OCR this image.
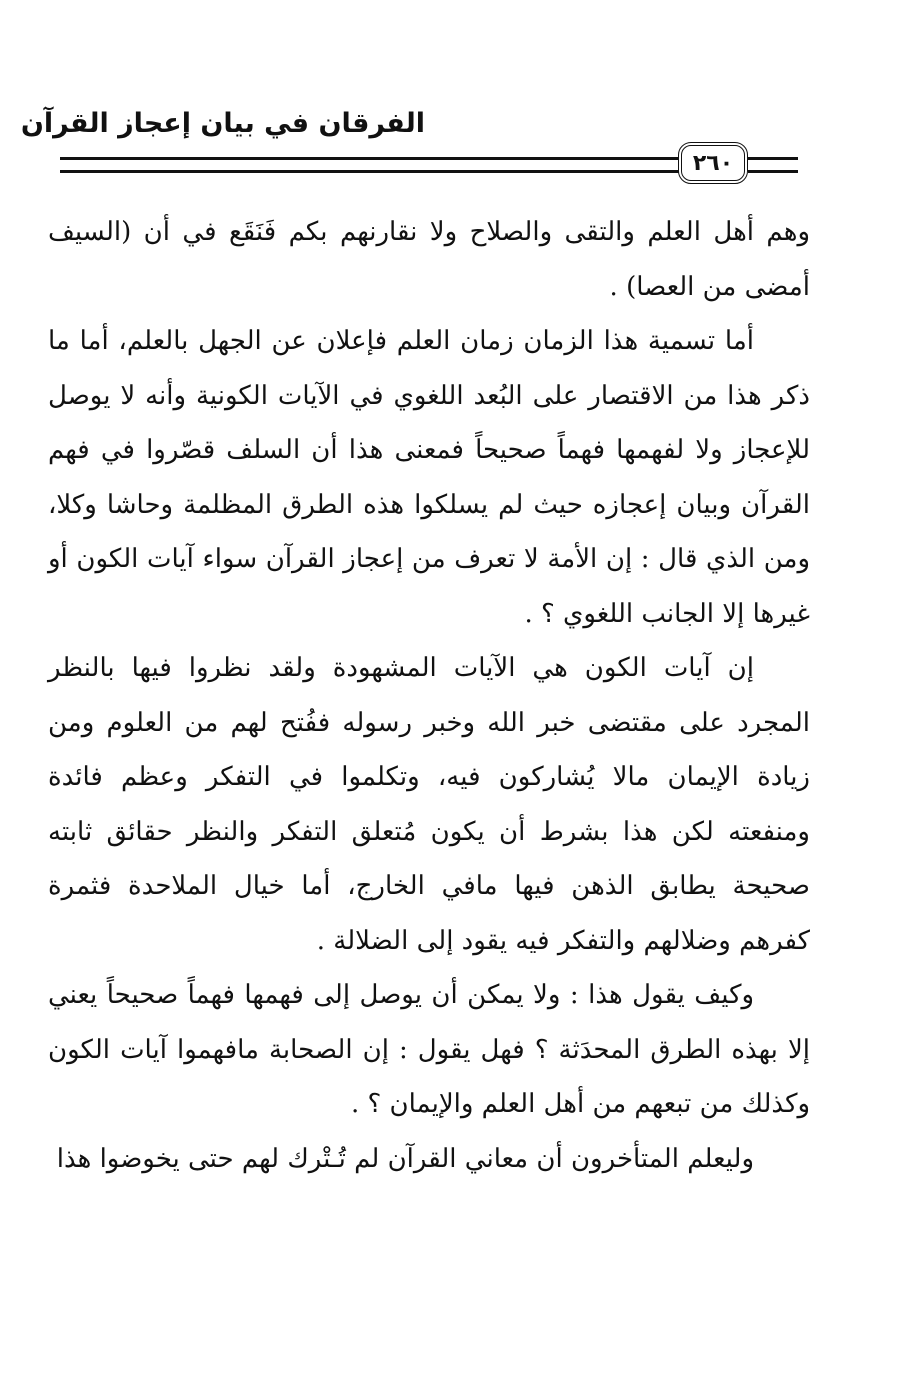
الفرقان في بيان إعجاز القرآن
٢٦٠

وهم أهل العلم والتقى والصلاح ولا نقارنهم بكم فَنَقَع في أن (السيف أمضى من العصا) .

أما تسمية هذا الزمان زمان العلم فإعلان عن الجهل بالعلم، أما ما ذكر هذا من الاقتصار على البُعد اللغوي في الآيات الكونية وأنه لا يوصل للإعجاز ولا لفهمها فهماً صحيحاً فمعنى هذا أن السلف قصّروا في فهم القرآن وبيان إعجازه حيث لم يسلكوا هذه الطرق المظلمة وحاشا وكلا، ومن الذي قال : إن الأمة لا تعرف من إعجاز القرآن سواء آيات الكون أو غيرها إلا الجانب اللغوي ؟ .

إن آيات الكون هي الآيات المشهودة ولقد نظروا فيها بالنظر المجرد على مقتضى خبر الله وخبر رسوله ففُتح لهم من العلوم ومن زيادة الإيمان مالا يُشاركون فيه، وتكلموا في التفكر وعظم فائدة ومنفعته لكن هذا بشرط أن يكون مُتعلق التفكر والنظر حقائق ثابته صحيحة يطابق الذهن فيها مافي الخارج، أما خيال الملاحدة فثمرة كفرهم وضلالهم والتفكر فيه يقود إلى الضلالة .

وكيف يقول هذا : ولا يمكن أن يوصل إلى فهمها فهماً صحيحاً يعني إلا بهذه الطرق المحدَثة ؟ فهل يقول : إن الصحابة مافهموا آيات الكون وكذلك من تبعهم من أهل العلم والإيمان ؟ .

وليعلم المتأخرون أن معاني القرآن لم تُـتْرك لهم حتى يخوضوا هذا
